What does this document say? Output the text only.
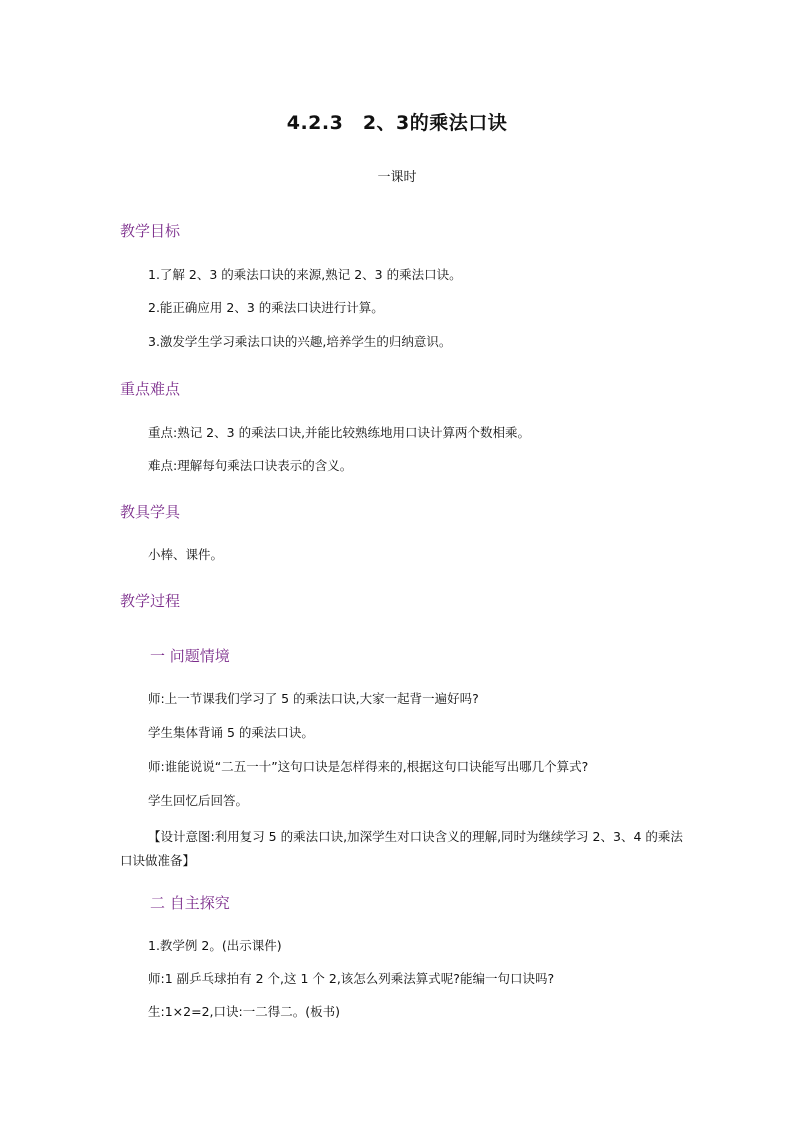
4.2.3　2、3的乘法口诀
一课时
教学目标
1.了解 2、3 的乘法口诀的来源,熟记 2、3 的乘法口诀。
2.能正确应用 2、3 的乘法口诀进行计算。
3.激发学生学习乘法口诀的兴趣,培养学生的归纳意识。
重点难点
重点:熟记 2、3 的乘法口诀,并能比较熟练地用口诀计算两个数相乘。
难点:理解每句乘法口诀表示的含义。
教具学具
小棒、课件。
教学过程
一 问题情境
师:上一节课我们学习了 5 的乘法口诀,大家一起背一遍好吗?
学生集体背诵 5 的乘法口诀。
师:谁能说说“二五一十”这句口诀是怎样得来的,根据这句口诀能写出哪几个算式?
学生回忆后回答。
【设计意图:利用复习 5 的乘法口诀,加深学生对口诀含义的理解,同时为继续学习 2、3、4 的乘法口诀做准备】
二 自主探究
1.教学例 2。(出示课件)
师:1 副乒乓球拍有 2 个,这 1 个 2,该怎么列乘法算式呢?能编一句口诀吗?
生:1×2=2,口诀:一二得二。(板书)
